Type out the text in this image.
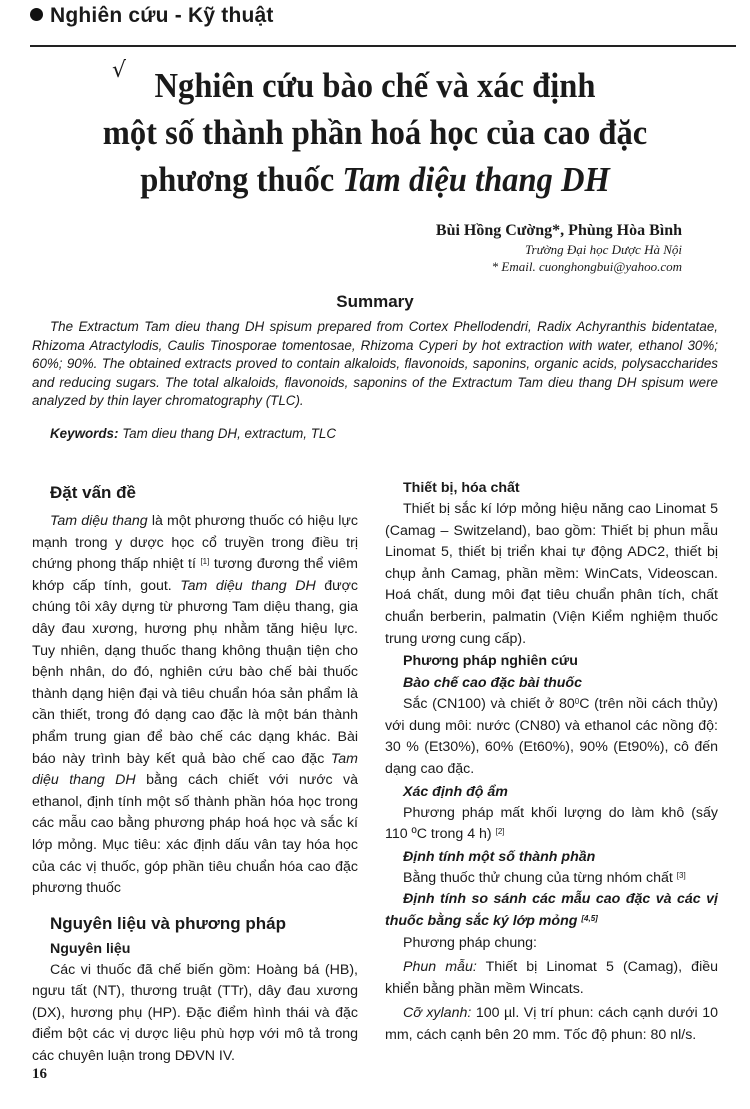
Nghiên cứu - Kỹ thuật
√ Nghiên cứu bào chế và xác định
một số thành phần hoá học của cao đặc
phương thuốc Tam diệu thang DH
Bùi Hồng Cường*, Phùng Hòa Bình
Trường Đại học Dược Hà Nội
* Email. cuonghongbui@yahoo.com
Summary
The Extractum Tam dieu thang DH spisum prepared from Cortex Phellodendri, Radix Achyranthis bidentatae, Rhizoma Atractylodis, Caulis Tinosporae tomentosae, Rhizoma Cyperi by hot extraction with water, ethanol 30%; 60%; 90%. The obtained extracts proved to contain alkaloids, flavonoids, saponins, organic acids, polysaccharides and reducing sugars. The total alkaloids, flavonoids, saponins of the Extractum Tam dieu thang DH spisum were analyzed by thin layer chromatography (TLC).
Keywords: Tam dieu thang DH, extractum, TLC
Đặt vấn đề

Tam diệu thang là một phương thuốc có hiệu lực mạnh trong y dược học cổ truyền trong điều trị chứng phong thấp nhiệt tí [1] tương đương thể viêm khớp cấp tính, gout. Tam diệu thang DH được chúng tôi xây dựng từ phương Tam diệu thang, gia dây đau xương, hương phụ nhằm tăng hiệu lực. Tuy nhiên, dạng thuốc thang không thuận tiện cho bệnh nhân, do đó, nghiên cứu bào chế bài thuốc thành dạng hiện đại và tiêu chuẩn hóa sản phẩm là cần thiết, trong đó dạng cao đặc là một bán thành phẩm trung gian để bào chế các dạng khác. Bài báo này trình bày kết quả bào chế cao đặc Tam diệu thang DH bằng cách chiết với nước và ethanol, định tính một số thành phần hóa học trong các mẫu cao bằng phương pháp hoá học và sắc kí lớp mỏng. Mục tiêu: xác định dấu vân tay hóa học của các vị thuốc, góp phần tiêu chuẩn hóa cao đặc phương thuốc

Nguyên liệu và phương pháp
Nguyên liệu

Các vi thuốc đã chế biến gồm: Hoàng bá (HB), ngưu tất (NT), thương truật (TTr), dây đau xương (DX), hương phụ (HP). Đặc điểm hình thái và đặc điểm bột các vị dược liệu phù hợp với mô tả trong các chuyên luận trong DĐVN IV.

Thiết bị, hóa chất

Thiết bị sắc kí lớp mỏng hiệu năng cao Linomat 5 (Camag – Switzeland), bao gồm: Thiết bị phun mẫu Linomat 5, thiết bị triển khai tự động ADC2, thiết bị chụp ảnh Camag, phần mềm: WinCats, Videoscan. Hoá chất, dung môi đạt tiêu chuẩn phân tích, chất chuẩn berberin, palmatin (Viện Kiểm nghiệm thuốc trung ương cung cấp).

Phương pháp nghiên cứu
Bào chế cao đặc bài thuốc

Sắc (CN100) và chiết ở $80^0C$ (trên nồi cách thủy) với dung môi: nước (CN80) và ethanol các nồng độ: 30 % (Et30%), 60% (Et60%), 90% (Et90%), cô đến dạng cao đặc.

Xác định độ ẩm

Phương pháp mất khối lượng do làm khô (sấy 110 ºC trong 4 h) [2]

Định tính một số thành phần

Bằng thuốc thử chung của từng nhóm chất [3]

Định tính so sánh các mẫu cao đặc và các vị thuốc bằng sắc ký lớp mỏng [4,5]

Phương pháp chung:

Phun mẫu: Thiết bị Linomat 5 (Camag), điều khiển bằng phần mềm Wincats.

Cỡ xylanh: 100 µl. Vị trí phun: cách cạnh dưới 10 mm, cách cạnh bên 20 mm. Tốc độ phun: 80 nl/s.

16
